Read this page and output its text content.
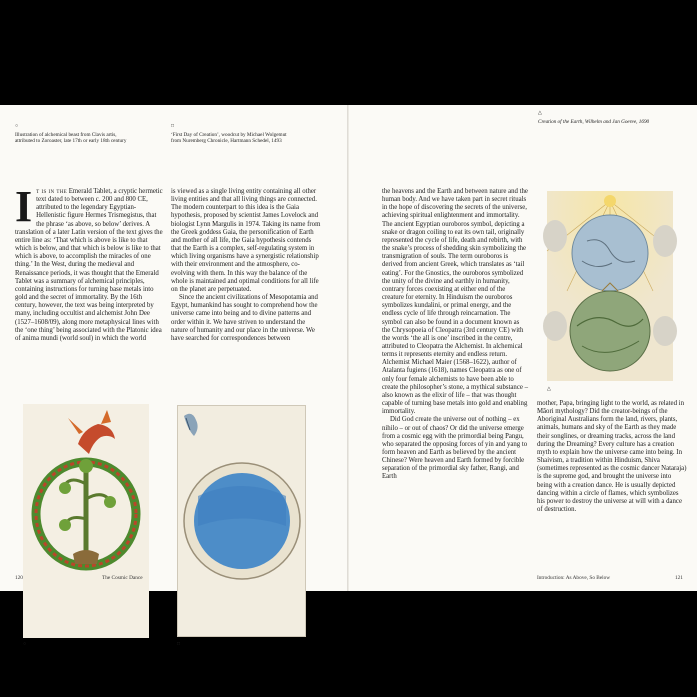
○

Illustration of alchemical beast from Clavis artis, attributed to Zoroaster, late 17th or early 18th century

□

‘First Day of Creation’, woodcut by Michael Wolgemut from Nuremberg Chronicle, Hartmann Schedel, 1493

I t is in the Emerald Tablet, a cryptic hermetic text dated to between c. 200 and 800 CE, attributed to the legendary Egyptian-Hellenistic figure Hermes Trismegistus, that the phrase ‘as above, so below’ derives. A translation of a later Latin version of the text gives the entire line as: ‘That which is above is like to that which is below, and that which is below is like to that which is above, to accomplish the miracles of one thing.’ In the West, during the medieval and Renaissance periods, it was thought that the Emerald Tablet was a summary of alchemical principles, containing instructions for turning base metals into gold and the secret of immortality. By the 16th century, however, the text was being interpreted by many, including occultist and alchemist John Dee (1527–1608/09), along more metaphysical lines with the ‘one thing’ being associated with the Platonic idea of anima mundi (world soul) in which the world

is viewed as a single living entity containing all other living entities and that all living things are connected. The modern counterpart to this idea is the Gaia hypothesis, proposed by scientist James Lovelock and biologist Lynn Margulis in 1974. Taking its name from the Greek goddess Gaia, the personification of Earth and mother of all life, the Gaia hypothesis contends that the Earth is a complex, self-regulating system in which living organisms have a synergistic relationship with their environment and the atmosphere, co-evolving with them. In this way the balance of the whole is maintained and optimal conditions for all life on the planet are perpetuated.

Since the ancient civilizations of Mesopotamia and Egypt, humankind has sought to comprehend how the universe came into being and to divine patterns and order within it. We have striven to understand the nature of humanity and our place in the universe. We have searched for correspondences between

○	□
120	The Cosmic Dance
△

Creation of the Earth, Wilhelm and Jan Goeree, 1690

the heavens and the Earth and between nature and the human body. And we have taken part in secret rituals in the hope of discovering the secrets of the universe, achieving spiritual enlightenment and immortality. The ancient Egyptian ouroboros symbol, depicting a snake or dragon coiling to eat its own tail, originally represented the cycle of life, death and rebirth, with the snake’s process of shedding skin symbolizing the transmigration of souls. The term ouroboros is derived from ancient Greek, which translates as ‘tail eating’. For the Gnostics, the ouroboros symbolized the unity of the divine and earthly in humanity, contrary forces coexisting at either end of the creature for eternity. In Hinduism the ouroboros symbolizes kundalini, or primal energy, and the endless cycle of life through reincarnation. The symbol can also be found in a document known as the Chrysopoeia of Cleopatra (3rd century CE) with the words ‘the all is one’ inscribed in the centre, attributed to Cleopatra the Alchemist. In alchemical terms it represents eternity and endless return. Alchemist Michael Maier (1568–1622), author of Atalanta fugiens (1618), names Cleopatra as one of only four female alchemists to have been able to create the philosopher’s stone, a mythical substance – also known as the elixir of life – that was thought capable of turning base metals into gold and enabling immortality.

Did God create the universe out of nothing – ex nihilo – or out of chaos? Or did the universe emerge from a cosmic egg with the primordial being Pangu, who separated the opposing forces of yin and yang to form heaven and Earth as believed by the ancient Chinese? Were heaven and Earth formed by forcible separation of the primordial sky father, Rangi, and Earth

△

mother, Papa, bringing light to the world, as related in Māori mythology? Did the creator-beings of the Aboriginal Australians form the land, rivers, plants, animals, humans and sky of the Earth as they made their songlines, or dreaming tracks, across the land during the Dreaming? Every culture has a creation myth to explain how the universe came into being. In Shaivism, a tradition within Hinduism, Shiva (sometimes represented as the cosmic dancer Nataraja) is the supreme god, and brought the universe into being with a creation dance. He is usually depicted dancing within a circle of flames, which symbolizes his power to destroy the universe at will with a dance of destruction.

Introduction: As Above, So Below	121
